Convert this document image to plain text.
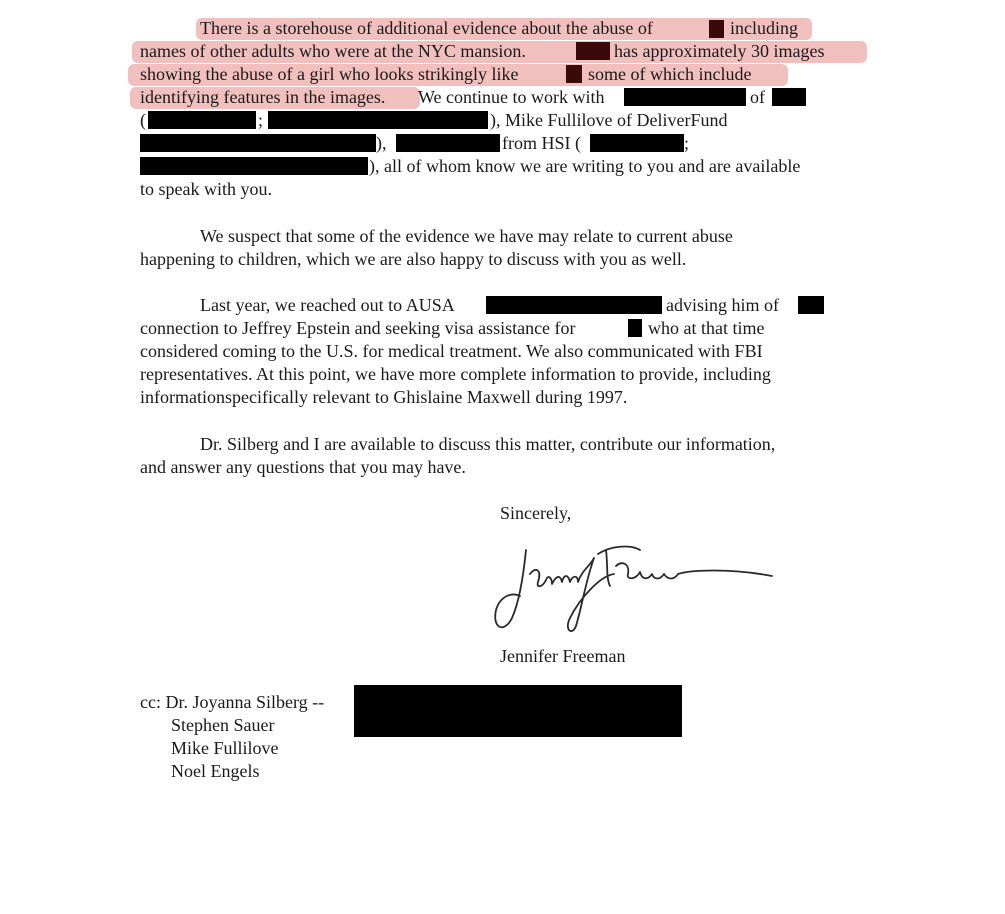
There is a storehouse of additional evidence about the abuse of	including
names of other adults who were at the NYC mansion.	has approximately 30 images
showing the abuse of a girl who looks strikingly like	some of which include
identifying features in the images. We continue to work with	of
(	;	), Mike Fullilove of DeliverFund
),	from HSI (	;
), all of whom know we are writing to you and are available
to speak with you.
We suspect that some of the evidence we have may relate to current abuse
happening to children, which we are also happy to discuss with you as well.
Last year, we reached out to AUSA	advising him of
connection to Jeffrey Epstein and seeking visa assistance for	who at that time
considered coming to the U.S. for medical treatment. We also communicated with FBI
representatives. At this point, we have more complete information to provide, including
informationspecifically relevant to Ghislaine Maxwell during 1997.
Dr. Silberg and I are available to discuss this matter, contribute our information,
and answer any questions that you may have.
Sincerely,
Jennifer Freeman
cc: Dr. Joyanna Silberg --
Stephen Sauer
Mike Fullilove
Noel Engels
